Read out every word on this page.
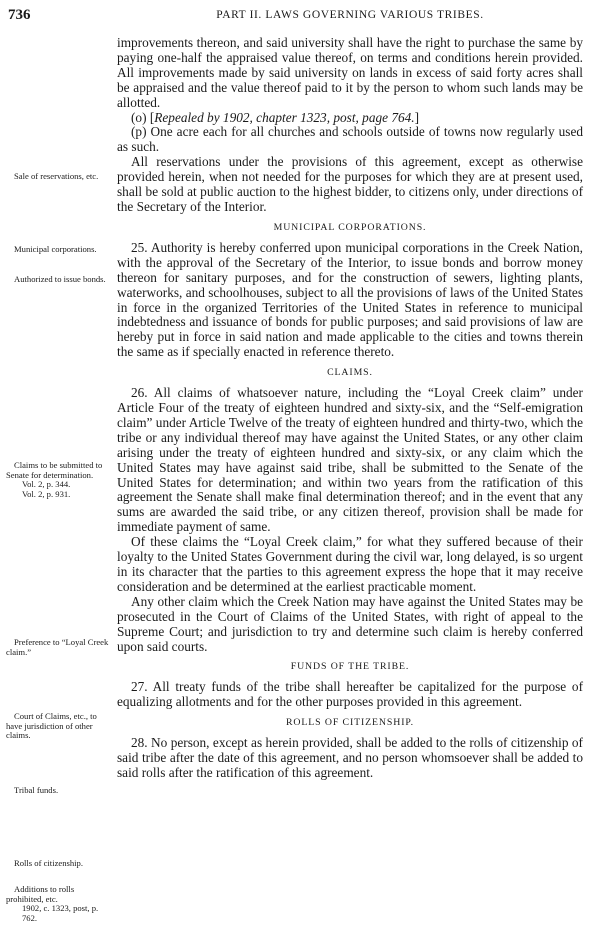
736	PART II. LAWS GOVERNING VARIOUS TRIBES.
Sale of reservations, etc.
Municipal corporations.
Authorized to issue bonds.
Claims to be submitted to Senate for determination.
Vol. 2, p. 344.
Vol. 2, p. 931.
Preference to “Loyal Creek claim.”
Court of Claims, etc., to have jurisdiction of other claims.
Tribal funds.
Rolls of citizenship.
Additions to rolls prohibited, etc.
1902, c. 1323, post, p. 762.

improvements thereon, and said university shall have the right to purchase the same by paying one-half the appraised value thereof, on terms and conditions herein provided. All improvements made by said university on lands in excess of said forty acres shall be appraised and the value thereof paid to it by the person to whom such lands may be allotted.

(o) [Repealed by 1902, chapter 1323, post, page 764.]

(p) One acre each for all churches and schools outside of towns now regularly used as such.

All reservations under the provisions of this agreement, except as otherwise provided herein, when not needed for the purposes for which they are at present used, shall be sold at public auction to the highest bidder, to citizens only, under directions of the Secretary of the Interior.

MUNICIPAL CORPORATIONS.

25. Authority is hereby conferred upon municipal corporations in the Creek Nation, with the approval of the Secretary of the Interior, to issue bonds and borrow money thereon for sanitary purposes, and for the construction of sewers, lighting plants, waterworks, and schoolhouses, subject to all the provisions of laws of the United States in force in the organized Territories of the United States in reference to municipal indebtedness and issuance of bonds for public purposes; and said provisions of law are hereby put in force in said nation and made applicable to the cities and towns therein the same as if specially enacted in reference thereto.

CLAIMS.

26. All claims of whatsoever nature, including the “Loyal Creek claim” under Article Four of the treaty of eighteen hundred and sixty-six, and the “Self-emigration claim” under Article Twelve of the treaty of eighteen hundred and thirty-two, which the tribe or any individual thereof may have against the United States, or any other claim arising under the treaty of eighteen hundred and sixty-six, or any claim which the United States may have against said tribe, shall be submitted to the Senate of the United States for determination; and within two years from the ratification of this agreement the Senate shall make final determination thereof; and in the event that any sums are awarded the said tribe, or any citizen thereof, provision shall be made for immediate payment of same.

Of these claims the “Loyal Creek claim,” for what they suffered because of their loyalty to the United States Government during the civil war, long delayed, is so urgent in its character that the parties to this agreement express the hope that it may receive consideration and be determined at the earliest practicable moment.

Any other claim which the Creek Nation may have against the United States may be prosecuted in the Court of Claims of the United States, with right of appeal to the Supreme Court; and jurisdiction to try and determine such claim is hereby conferred upon said courts.

FUNDS OF THE TRIBE.

27. All treaty funds of the tribe shall hereafter be capitalized for the purpose of equalizing allotments and for the other purposes provided in this agreement.

ROLLS OF CITIZENSHIP.

28. No person, except as herein provided, shall be added to the rolls of citizenship of said tribe after the date of this agreement, and no person whomsoever shall be added to said rolls after the ratification of this agreement.
